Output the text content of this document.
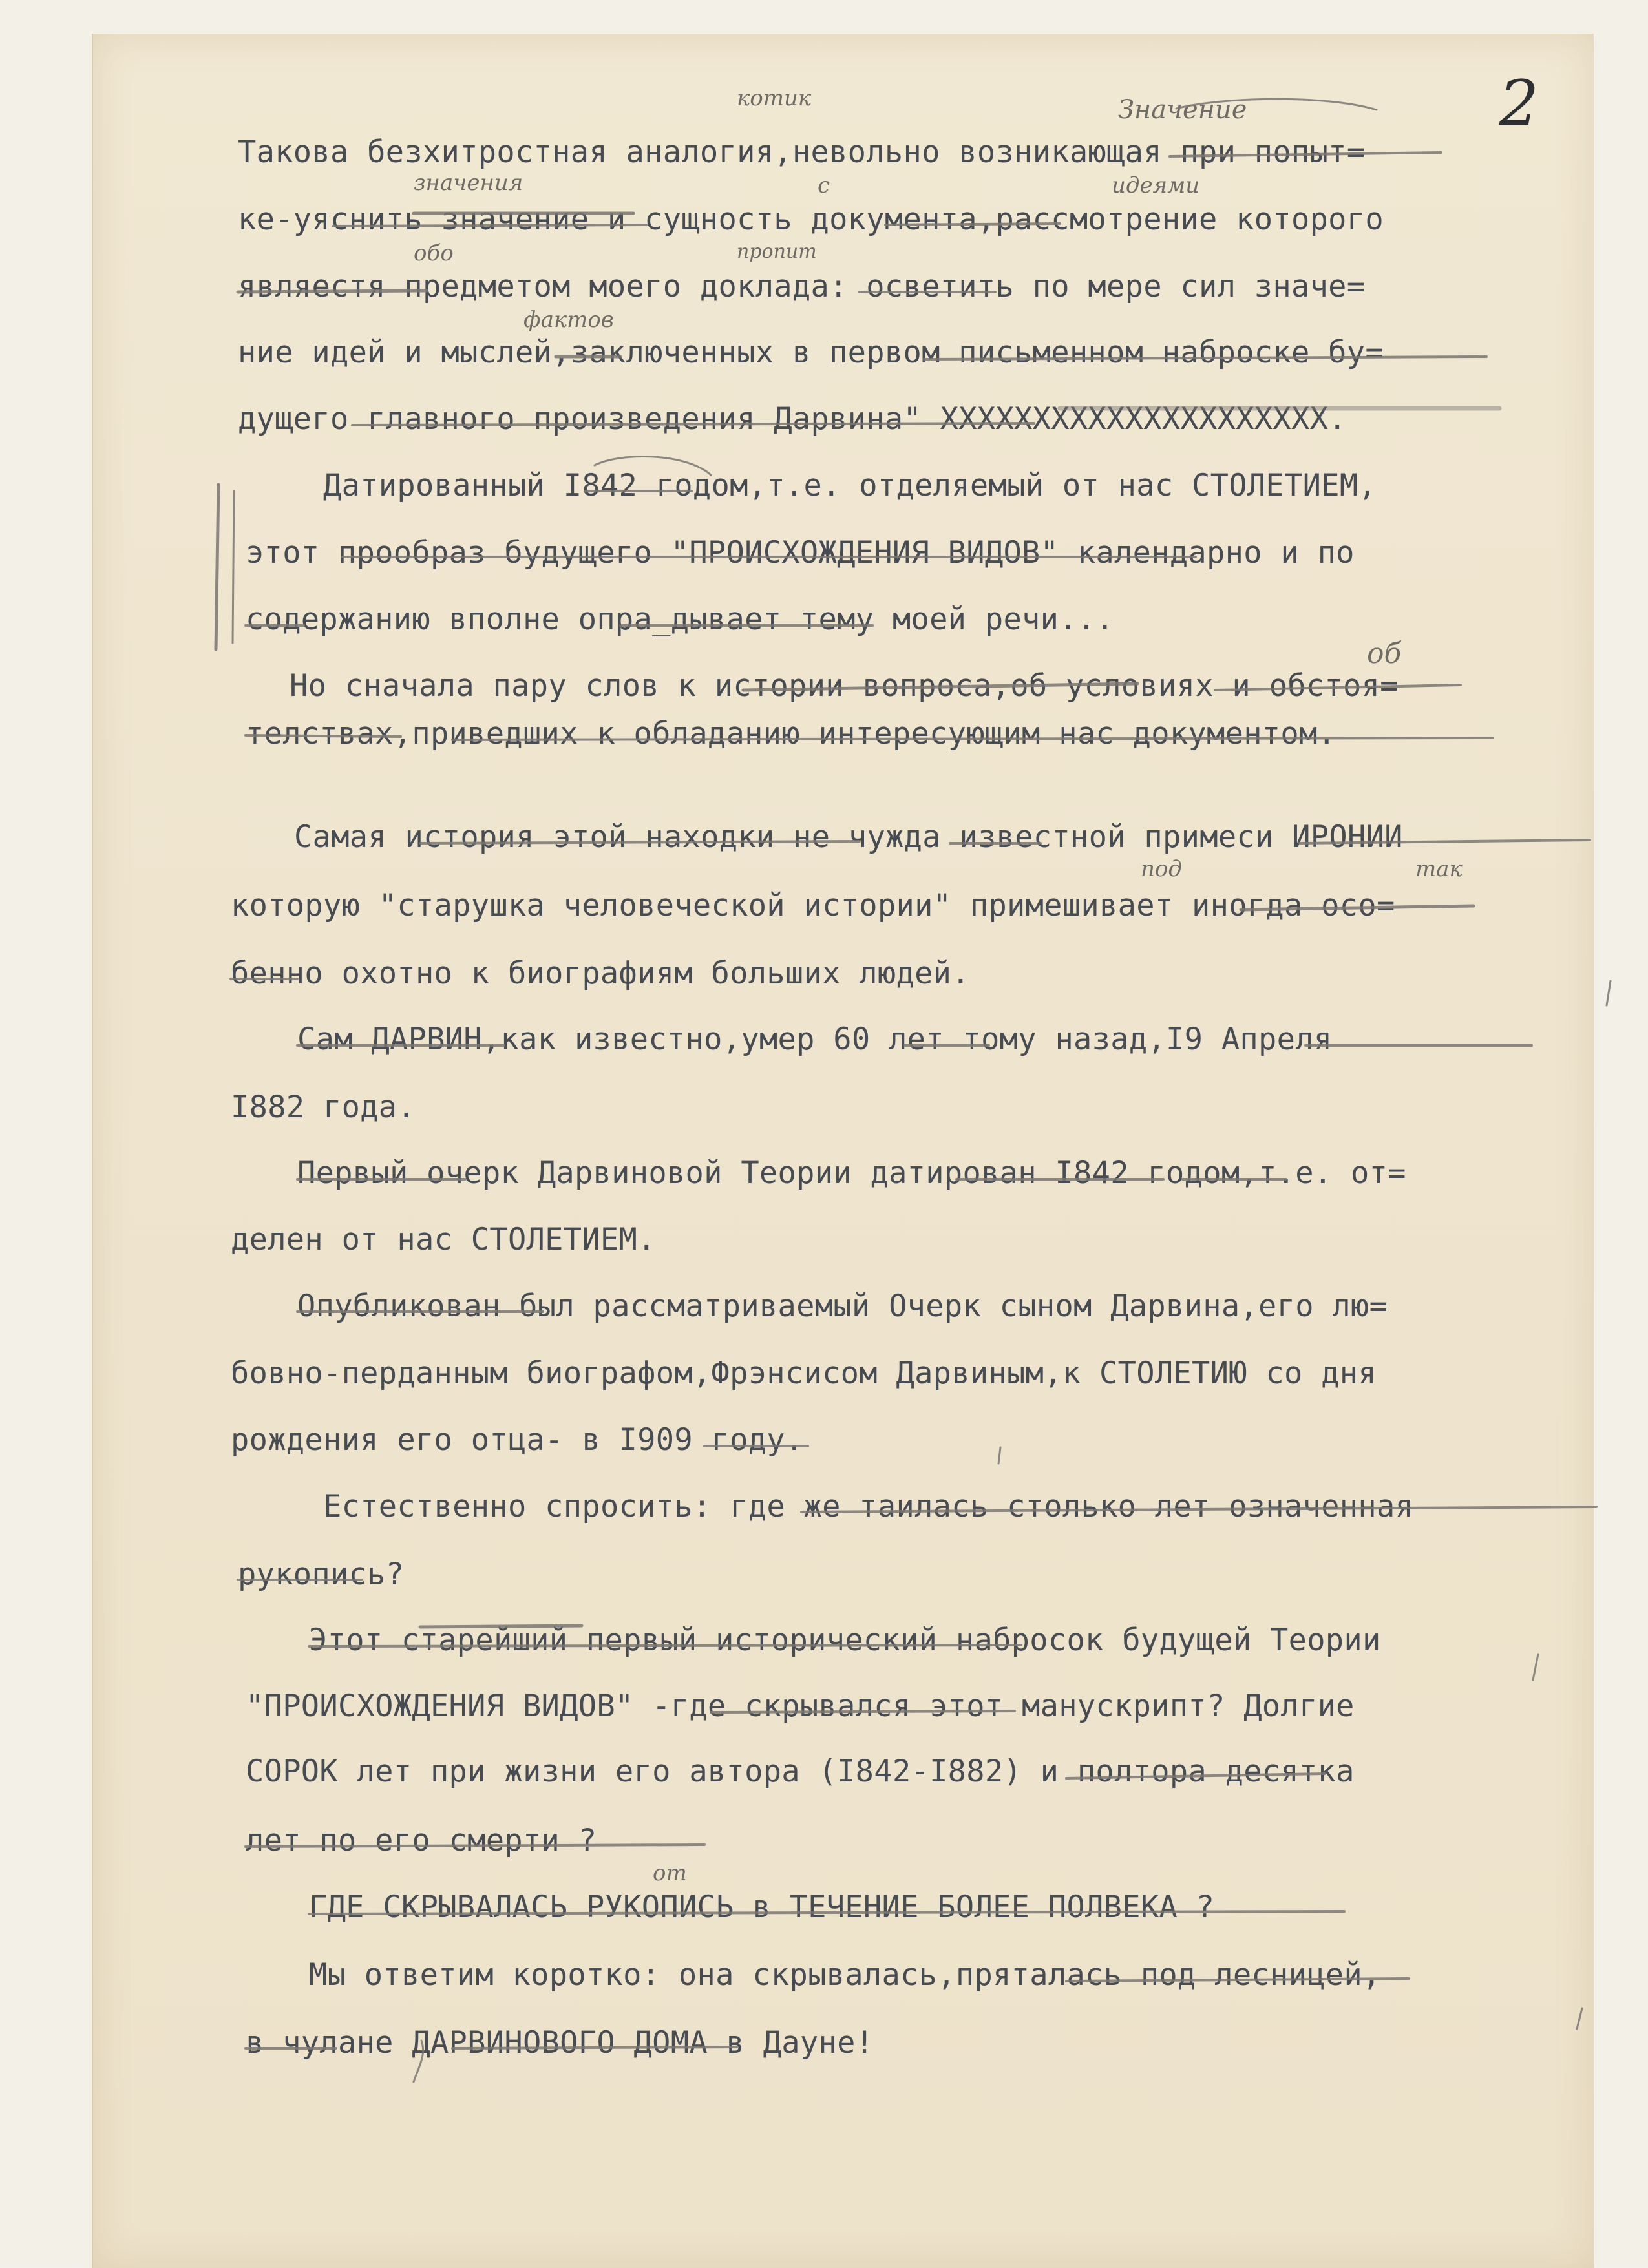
2
Такова безхитростная аналогия,невольно возникающая при попыт=
ке-уяснить значение и сущность документа,рассмотрение которого
являестя предметом моего доклада: осветить по мере сил значе=
ние идей и мыслей,заключенных в первом письменном наброске бу=
дущего главного произведения Дарвина" XXXXXXXXXXXXXXXXXXXXX.
Датированный I842 годом,т.е. отделяемый от нас СТОЛЕТИЕМ,
этот прообраз будущего "ПРОИСХОЖДЕНИЯ ВИДОВ" календарно и по
содержанию вполне опра_дывает тему моей речи...
Но сначала пару слов к истории вопроса,об условиях и обстоя=
телствах,приведших к обладанию интересующим нас документом.
Самая история этой находки не чужда известной примеси ИРОНИИ
которую "старушка человеческой истории" примешивает иногда осо=
бенно охотно к биографиям больших людей.
Сам ДАРВИН,как известно,умер 60 лет тому назад,I9 Апреля
I882 года.
Первый очерк Дарвиновой Теории датирован I842 годом,т.е. от=
делен от нас СТОЛЕТИЕМ.
Опубликован был рассматриваемый Очерк сыном Дарвина,его лю=
бовно-перданным биографом,Фрэнсисом Дарвиным,к СТОЛЕТИЮ со дня
рождения его отца- в I909 году.
Естественно спросить: где же таилась столько лет означенная
рукопись?
Этот старейший первый исторический набросок будущей Теории
"ПРОИСХОЖДЕНИЯ ВИДОВ" -где скрывался этот манускрипт? Долгие
СОРОК лет при жизни его автора (I842-I882) и полтора десятка
лет по его смерти ?
ГДЕ СКРЫВАЛАСЬ РУКОПИСЬ в ТЕЧЕНИЕ БОЛЕЕ ПОЛВЕКА ?
Мы ответим коротко: она скрывалась,пряталась под лесницей,
в чулане ДАРВИНОВОГО ДОМА в Дауне!
котик	Значение
значения	с	идеями
обо	пропит
фактов
об
под	так
от
